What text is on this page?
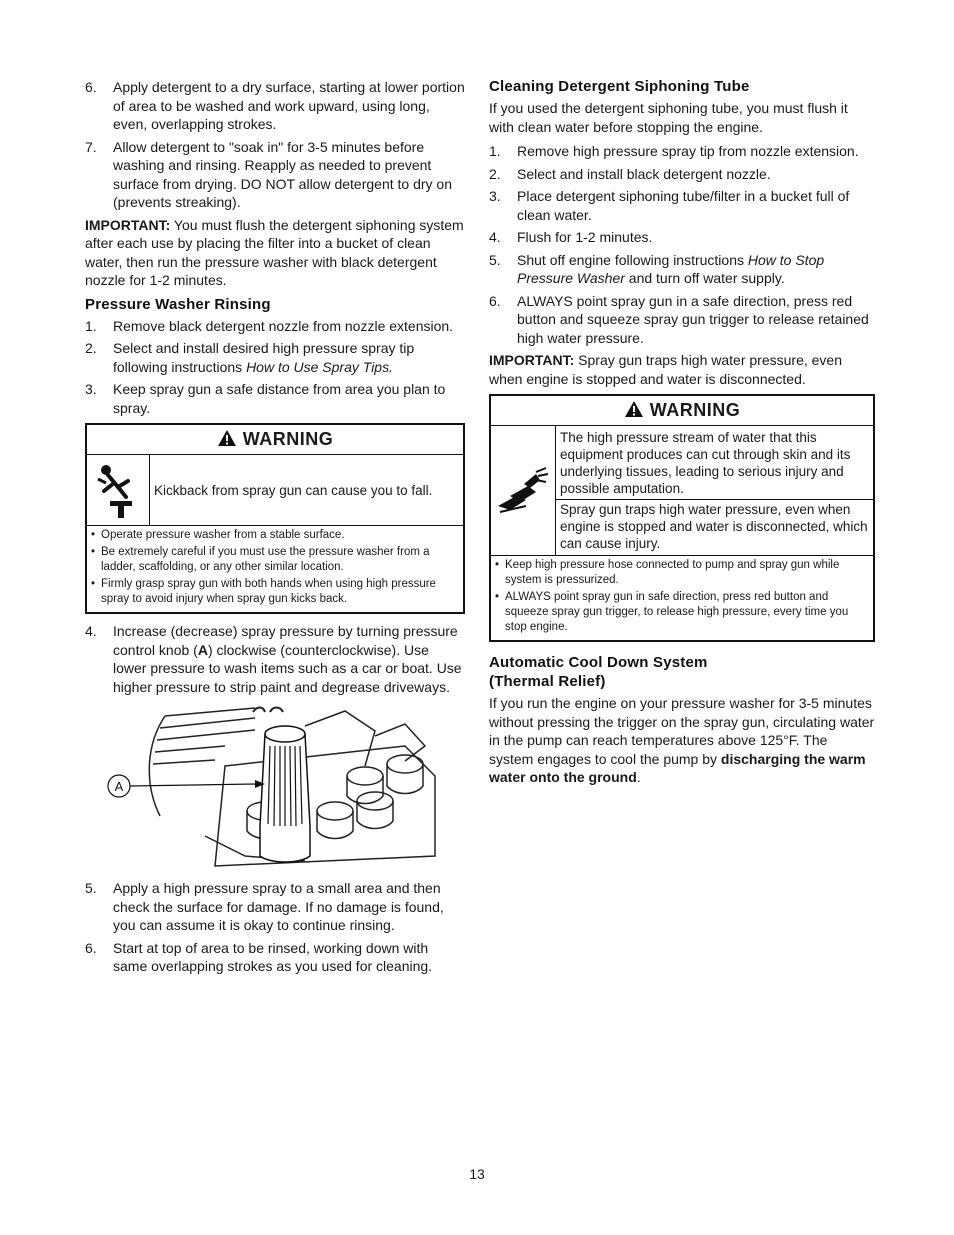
6.	Apply detergent to a dry surface, starting at lower portion of area to be washed and work upward, using long, even, overlapping strokes.
7.	Allow detergent to "soak in" for 3-5 minutes before washing and rinsing. Reapply as needed to prevent surface from drying. DO NOT allow detergent to dry on (prevents streaking).

IMPORTANT: You must flush the detergent siphoning system after each use by placing the filter into a bucket of clean water, then run the pressure washer with black detergent nozzle for 1-2 minutes.

Pressure Washer Rinsing
1.	Remove black detergent nozzle from nozzle extension.
2.	Select and install desired high pressure spray tip following instructions How to Use Spray Tips.
3.	Keep spray gun a safe distance from area you plan to spray.
WARNING
Kickback from spray gun can cause you to fall.
• Operate pressure washer from a stable surface.
• Be extremely careful if you must use the pressure washer from a ladder, scaffolding, or any other similar location.
• Firmly grasp spray gun with both hands when using high pressure spray to avoid injury when spray gun kicks back.
4.	Increase (decrease) spray pressure by turning pressure control knob (A) clockwise (counterclockwise). Use lower pressure to wash items such as a car or boat. Use higher pressure to strip paint and degrease driveways.
A
5.	Apply a high pressure spray to a small area and then check the surface for damage. If no damage is found, you can assume it is okay to continue rinsing.
6.	Start at top of area to be rinsed, working down with same overlapping strokes as you used for cleaning.
Cleaning Detergent Siphoning Tube

If you used the detergent siphoning tube, you must flush it with clean water before stopping the engine.

1.	Remove high pressure spray tip from nozzle extension.
2.	Select and install black detergent nozzle.
3.	Place detergent siphoning tube/filter in a bucket full of clean water.
4.	Flush for 1-2 minutes.
5.	Shut off engine following instructions How to Stop Pressure Washer and turn off water supply.
6.	ALWAYS point spray gun in a safe direction, press red button and squeeze spray gun trigger to release retained high water pressure.

IMPORTANT: Spray gun traps high water pressure, even when engine is stopped and water is disconnected.

WARNING
The high pressure stream of water that this equipment produces can cut through skin and its underlying tissues, leading to serious injury and possible amputation.
Spray gun traps high water pressure, even when engine is stopped and water is disconnected, which can cause injury.
• Keep high pressure hose connected to pump and spray gun while system is pressurized.
• ALWAYS point spray gun in safe direction, press red button and squeeze spray gun trigger, to release high pressure, every time you stop engine.
Automatic Cool Down System
(Thermal Relief)

If you run the engine on your pressure washer for 3-5 minutes without pressing the trigger on the spray gun, circulating water in the pump can reach temperatures above 125°F. The system engages to cool the pump by discharging the warm water onto the ground.

13
